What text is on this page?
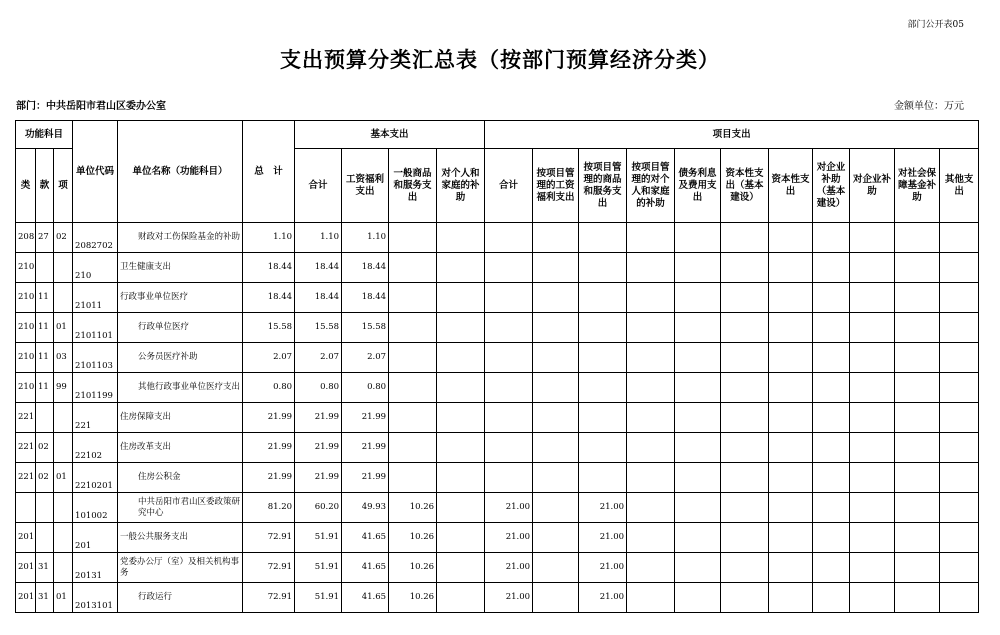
部门公开表05
支出预算分类汇总表（按部门预算经济分类）
部门：中共岳阳市君山区委办公室	金额单位：万元
功能科目			单位代码	单位名称（功能科目）	总　计	基本支出				项目支出										
类	款	项				合计	工资福利支出	一般商品和服务支出	对个人和家庭的补助	合计	按项目管理的工资福利支出	按项目管理的商品和服务支出	按项目管理的对个人和家庭的补助	债务利息及费用支出	资本性支出（基本建设）	资本性支出	对企业补助（基本建设）	对企业补助	对社会保障基金补助	其他支出
208	27	02	2082702	财政对工伤保险基金的补助	1.10	1.10	1.10													
210			210	卫生健康支出	18.44	18.44	18.44													
210	11		21011	行政事业单位医疗	18.44	18.44	18.44													
210	11	01	2101101	行政单位医疗	15.58	15.58	15.58													
210	11	03	2101103	公务员医疗补助	2.07	2.07	2.07													
210	11	99	2101199	其他行政事业单位医疗支出	0.80	0.80	0.80													
221			221	住房保障支出	21.99	21.99	21.99													
221	02		22102	住房改革支出	21.99	21.99	21.99													
221	02	01	2210201	住房公积金	21.99	21.99	21.99													
			101002	中共岳阳市君山区委政策研究中心	81.20	60.20	49.93	10.26		21.00		21.00								
201			201	一般公共服务支出	72.91	51.91	41.65	10.26		21.00		21.00								
201	31		20131	党委办公厅（室）及相关机构事务	72.91	51.91	41.65	10.26		21.00		21.00								
201	31	01	2013101	行政运行	72.91	51.91	41.65	10.26		21.00		21.00								
